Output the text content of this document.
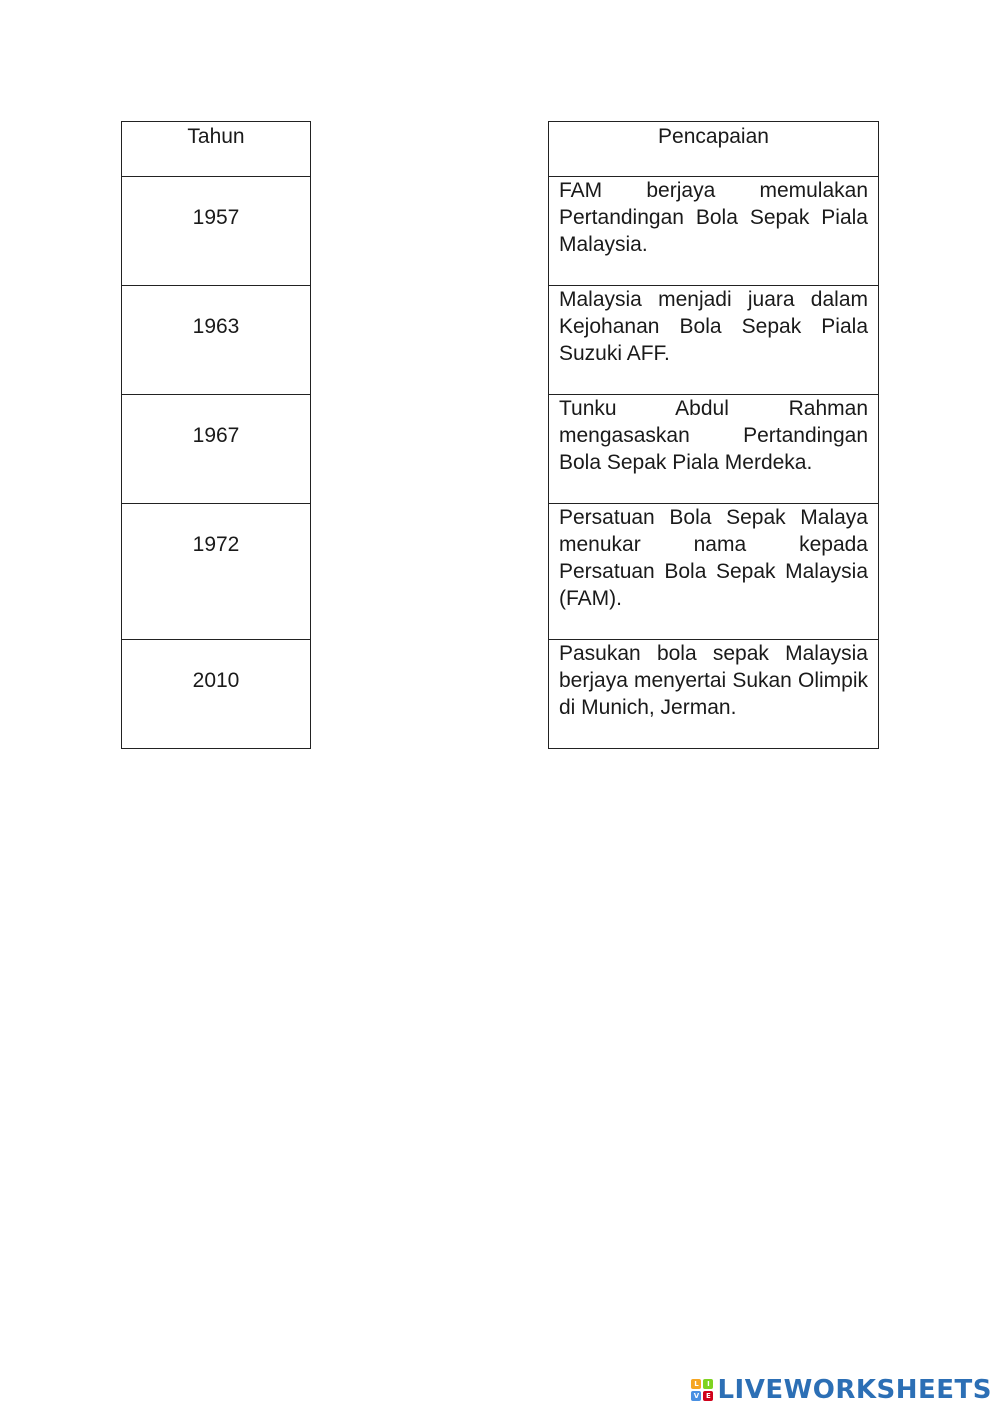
Tahun
1957
1963
1967
1972
2010
Pencapaian
FAM berjaya memulakan Pertandingan Bola Sepak Piala Malaysia.
Malaysia menjadi juara dalam Kejohanan Bola Sepak Piala Suzuki AFF.
Tunku Abdul Rahman mengasaskan Pertandingan Bola Sepak Piala Merdeka.
Persatuan Bola Sepak Malaya menukar nama kepada Persatuan Bola Sepak Malaysia (FAM).
Pasukan bola sepak Malaysia berjaya menyertai Sukan Olimpik di Munich, Jerman.
L	I
V E LIVEWORKSHEETS
